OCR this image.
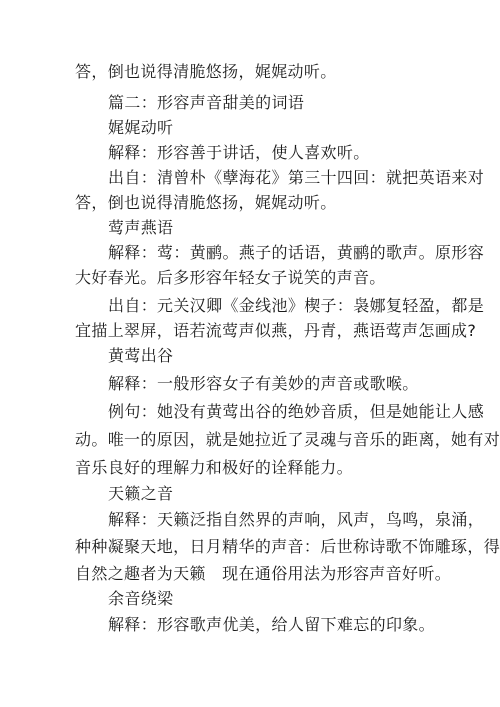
答，倒也说得清脆悠扬，娓娓动听。
篇二：形容声音甜美的词语
娓娓动听
解释：形容善于讲话，使人喜欢听。
出自：清曾朴《孽海花》第三十四回：就把英语来对
答，倒也说得清脆悠扬，娓娓动听。
莺声燕语
解释：莺：黄鹂。燕子的话语，黄鹂的歌声。原形容
大好春光。后多形容年轻女子说笑的声音。
出自：元关汉卿《金线池》楔子：袅娜复轻盈，都是
宜描上翠屏，语若流莺声似燕，丹青，燕语莺声怎画成?
黄莺出谷
解释：一般形容女子有美妙的声音或歌喉。
例句：她没有黄莺出谷的绝妙音质，但是她能让人感
动。唯一的原因，就是她拉近了灵魂与音乐的距离，她有对
音乐良好的理解力和极好的诠释能力。
天籁之音
解释：天籁泛指自然界的声响，风声，鸟鸣，泉涌，
种种凝聚天地，日月精华的声音：后世称诗歌不饰雕琢，得
自然之趣者为天籁　现在通俗用法为形容声音好听。
余音绕梁
解释：形容歌声优美，给人留下难忘的印象。
